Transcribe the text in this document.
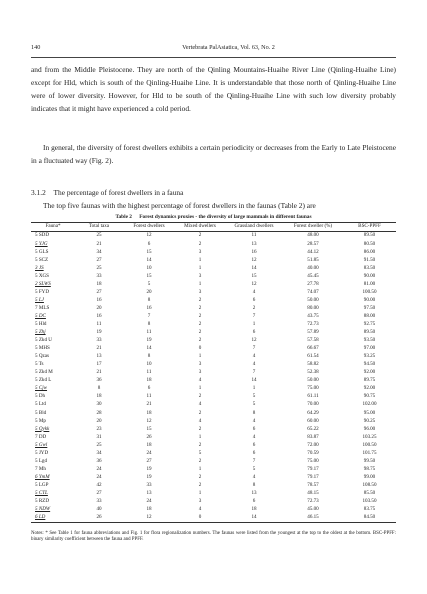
140	Vertebrata PalAsiatica, Vol. 63, No. 2

and from the Middle Pleistocene. They are north of the Qinling Mountains-Huaihe River Line (Qinling-Huaihe Line) except for Hld, which is south of the Qinling-Huaihe Line. It is understandable that those north of Qinling-Huaihe Line were of lower diversity. However, for Hld to be south of the Qinling-Huaihe Line with such low diversity probably indicates that it might have experienced a cold period.

In general, the diversity of forest dwellers exhibits a certain periodicity or decreases from the Early to Late Pleistocene in a fluctuated way (Fig. 2).

3.1.2 The percentage of forest dwellers in a fauna

The top five faunas with the highest percentage of forest dwellers in the faunas (Table 2) are

Table 2 Forest dynamics proxies - the diversity of large mammals in different faunas
Fauna*	Total taxa	Forest dwellers	Mixed dwellers	Grassland dwellers	Forest dweller (%)	BSC-PPFF
5 SDD	25	12	2	11	48.00	89.50
5 YJG	21	6	2	13	28.57	80.50
5 GLS	34	15	3	16	44.12	86.00
5 SCZ	27	14	1	12	51.85	91.50
3 JS	25	10	1	14	40.00	83.50
5 XGS	33	15	3	15	45.45	90.00
2 SLWS	18	5	1	12	27.78	81.00
5 FYD	27	20	3	4	74.07	100.50
5 LJ	16	8	2	6	50.00	90.00
7 MLS	20	16	2	2	80.00	97.50
5 DC	16	7	2	7	43.75	88.00
5 Hld	11	8	2	1	72.73	92.75
5 Zhj	19	11	2	6	57.89	89.50
5 Zkd U	33	19	2	12	57.58	93.50
5 MHS	21	14	0	7	66.67	97.00
5 Qzas	13	8	1	4	61.54	93.25
5 Ts	17	10	3	4	58.82	94.50
5 Zkd M	21	11	3	7	52.38	92.00
5 Zkd L	36	18	4	14	50.00	89.75
5 Cjw	8	6	1	1	75.00	92.00
5 Dh	18	11	2	5	61.11	90.75
5 Ltd	30	21	4	5	70.00	102.00
5 Bld	28	18	2	8	64.29	95.00
5 Mp	20	12	4	4	60.00	90.25
5 Qykk	23	15	2	6	65.22	96.00
7 DD	31	26	1	4	83.87	103.25
5 Gwl	25	18	2	6	72.00	100.50
5 JYD	34	24	5	6	70.59	101.75
5 Lgd	36	27	2	7	75.00	99.50
7 Mh	24	19	1	5	79.17	98.75
6 YmM	24	19	2	4	79.17	99.00
5 LGP	42	33	2	8	78.57	108.50
5 CTL	27	13	1	13	48.15	85.50
5 RZD	33	24	3	6	72.73	103.50
5 NDW	40	18	4	18	45.00	83.75
6 LD	26	12	0	14	46.15	84.50
Notes: * See Table 1 for fauna abbreviations and Fig. 1 for flora regionalization numbers. The faunas were listed from the youngest at the top to the oldest at the bottom. BSC-PPFF: binary similarity coefficient between the fauna and PPFF.
